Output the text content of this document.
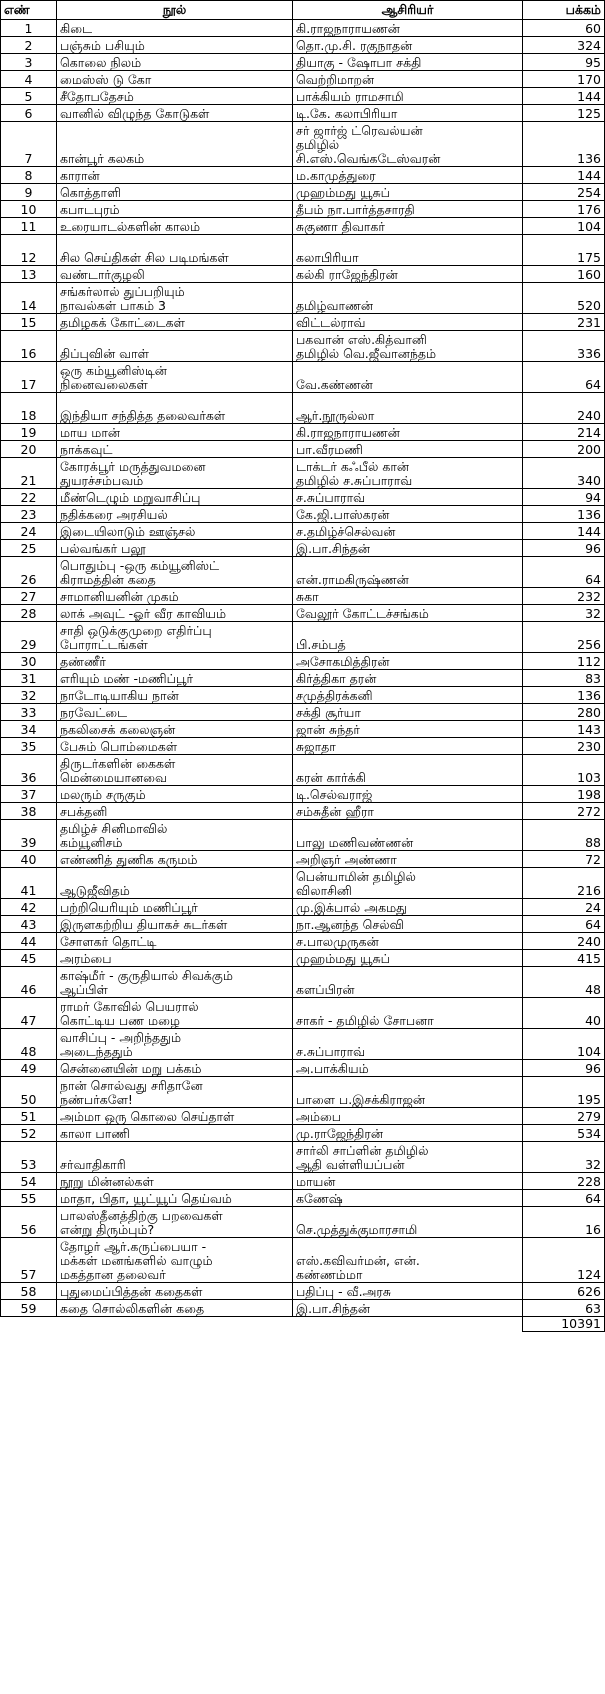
எண்	நூல்	ஆசிரியர்	பக்கம்
1	கிடை	கி.ராஜநாராயணன்	60
2	பஞ்சும் பசியும்	தொ.மு.சி. ரகுநாதன்	324
3	கொலை நிலம்	தியாகு - ஷோபா சக்தி	95
4	மைஸ்ஸ் டு கோ	வெற்றிமாறன்	170
5	சீதோபதேசம்	பாக்கியம் ராமசாமி	144
6	வானில் விழுந்த கோடுகள்	டி.கே. கலாபிரியா	125
7	கான்பூர் கலகம்	சர் ஜார்ஜ் ட்ரெவல்யன்
தமிழில்
சி.எஸ்.வெங்கடேஸ்வரன்	136
8	காரான்	ம.காமுத்துரை	144
9	கொத்தாளி	முஹம்மது யூசுப்	254
10	கபாடபுரம்	தீபம் நா.பார்த்தசாரதி	176
11	உரையாடல்களின் காலம்	சுகுணா திவாகர்	104
12	சில செய்திகள் சில படிமங்கள்	கலாபிரியா	175
13	வண்டார்குழலி	கல்கி ராஜேந்திரன்	160
14	சங்கர்லால் துப்பறியும்
நாவல்கள் பாகம் 3	தமிழ்வாணன்	520
15	தமிழகக் கோட்டைகள்	விட்டல்ராவ்	231
16	திப்புவின் வாள்	பகவான் எஸ்.கித்வானி
தமிழில் வெ.ஜீவானந்தம்	336
17	ஒரு கம்யூனிஸ்டின்
நினைவலைகள்	வே.கண்ணன்	64
18	இந்தியா சந்தித்த தலைவர்கள்	ஆர்.நூருல்லா	240
19	மாய மான்	கி.ராஜநாராயணன்	214
20	நாக்கவுட்	பா.வீரமணி	200
21	கோரக்பூர் மருத்துவமனை
துயரச்சம்பவம்	டாக்டர் கஃபீல் கான்
தமிழில் ச.சுப்பாராவ்	340
22	மீண்டெழும் மறுவாசிப்பு	ச.சுப்பாராவ்	94
23	நதிக்கரை அரசியல்	கே.ஜி.பாஸ்கரன்	136
24	இடையிலாடும் ஊஞ்சல்	ச.தமிழ்ச்செல்வன்	144
25	பல்வங்கர் பலூ	இ.பா.சிந்தன்	96
26	பொதும்பு -ஒரு கம்யூனிஸ்ட்
கிராமத்தின் கதை	என்.ராமகிருஷ்ணன்	64
27	சாமானியனின் முகம்	சுகா	232
28	லாக் அவுட் -ஓர் வீர காவியம்	வேலூர் கோட்டச்சங்கம்	32
29	சாதி ஒடுக்குமுறை எதிர்ப்பு
போராட்டங்கள்	பி.சம்பத்	256
30	தண்ணீர்	அசோகமித்திரன்	112
31	எரியும் மண் -மணிப்பூர்	கிர்த்திகா தரன்	83
32	நாடோடியாகிய நான்	சமுத்திரக்கனி	136
33	நரவேட்டை	சக்தி சூர்யா	280
34	நகலிசைக் கலைஞன்	ஜான் சுந்தர்	143
35	பேசும் பொம்மைகள்	சுஜாதா	230
36	திருடர்களின் கைகள்
மென்மையானவை	கரன் கார்க்கி	103
37	மலரும் சருகும்	டி.செல்வராஜ்	198
38	சபக்தனி	சம்சுதீன் ஹீரா	272
39	தமிழ்ச் சினிமாவில்
கம்யூனிசம்	பாலு மணிவண்ணன்	88
40	எண்ணித் துணிக கருமம்	அறிஞர் அண்ணா	72
41	ஆடுஜீவிதம்	பென்யாமின் தமிழில்
விலாசினி	216
42	பற்றியெரியும் மணிப்பூர்	மு.இக்பால் அகமது	24
43	இருளகற்றிய தியாகச் சுடர்கள்	நா.ஆனந்த செல்வி	64
44	சோளகர் தொட்டி	ச.பாலமுருகன்	240
45	அரம்பை	முஹம்மது யூசுப்	415
46	காஷ்மீர் - குருதியால் சிவக்கும்
ஆப்பிள்	களப்பிரன்	48
47	ராமர் கோவில் பெயரால்
கொட்டிய பண மழை	சாகர் - தமிழில் சோபனா	40
48	வாசிப்பு - அறிந்ததும்
அடைந்ததும்	ச.சுப்பாராவ்	104
49	சென்னையின் மறு பக்கம்	அ.பாக்கியம்	96
50	நான் சொல்வது சரிதானே
நண்பர்களே!	பாளை ப.இசக்கிராஜன்	195
51	அம்மா ஒரு கொலை செய்தாள்	அம்பை	279
52	காலா பாணி	மு.ராஜேந்திரன்	534
53	சர்வாதிகாரி	சார்லி சாப்ளின் தமிழில்
ஆதி வள்ளியப்பன்	32
54	நூறு மின்னல்கள்	மாயன்	228
55	மாதா, பிதா, யூட்யூப் தெய்வம்	கணேஷ்	64
56	பாலஸ்தீனத்திற்கு பறவைகள்
என்று திரும்பும்?	செ.முத்துக்குமாரசாமி	16
57	தோழர் ஆர்.கருப்பையா -
மக்கள் மனங்களில் வாழும்
மகத்தான தலைவர்	எஸ்.கவிவர்மன், என்.
கண்ணம்மா	124
58	புதுமைப்பித்தன் கதைகள்	பதிப்பு - வீ.அரசு	626
59	கதை சொல்லிகளின் கதை	இ.பா.சிந்தன்	63
			10391
